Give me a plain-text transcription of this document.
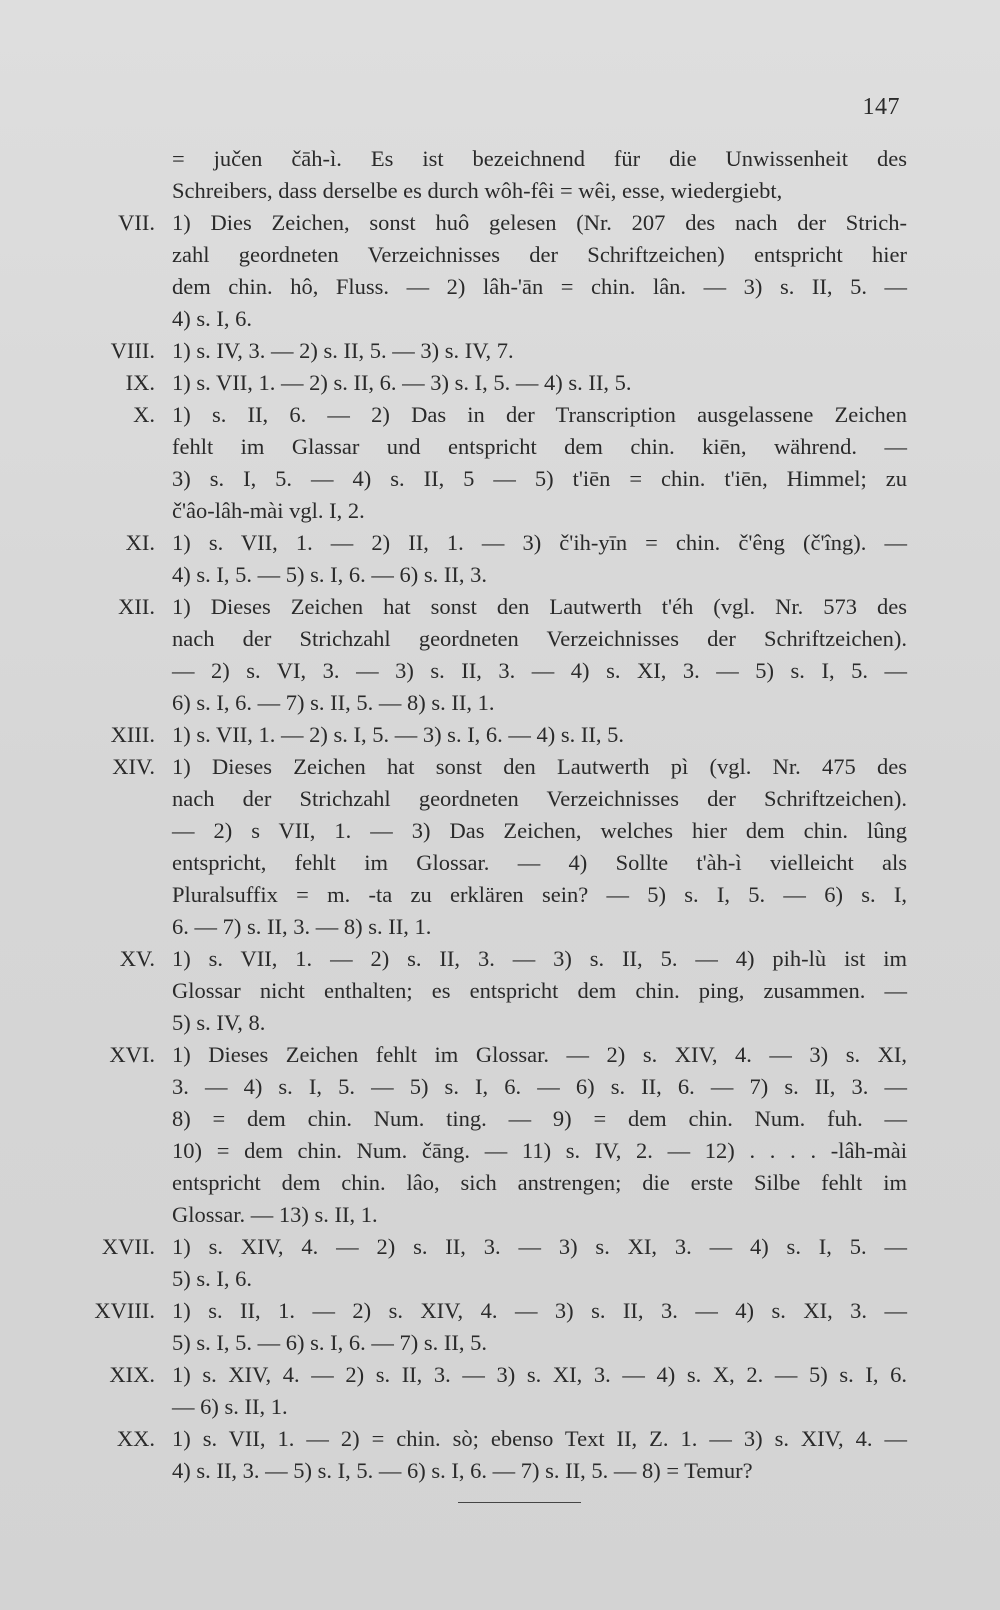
147
= jučen čāh-ì. Es ist bezeichnend für die Unwissenheit des
Schreibers, dass derselbe es durch wôh-fêi = wêi, esse, wiedergiebt,
VII. 1) Dies Zeichen, sonst huô gelesen (Nr. 207 des nach der Strich-
zahl geordneten Verzeichnisses der Schriftzeichen) entspricht hier
dem chin. hô, Fluss. — 2) lâh-'ān = chin. lân. — 3) s. II, 5. —
4) s. I, 6.
VIII. 1) s. IV, 3. — 2) s. II, 5. — 3) s. IV, 7.
IX. 1) s. VII, 1. — 2) s. II, 6. — 3) s. I, 5. — 4) s. II, 5.
X. 1) s. II, 6. — 2) Das in der Transcription ausgelassene Zeichen
fehlt im Glassar und entspricht dem chin. kiēn, während. —
3) s. I, 5. — 4) s. II, 5 — 5) t'iēn = chin. t'iēn, Himmel; zu
č'âo-lâh-mài vgl. I, 2.
XI. 1) s. VII, 1. — 2) II, 1. — 3) č'ih-yīn = chin. č'êng (č'îng). —
4) s. I, 5. — 5) s. I, 6. — 6) s. II, 3.
XII. 1) Dieses Zeichen hat sonst den Lautwerth t'éh (vgl. Nr. 573 des
nach der Strichzahl geordneten Verzeichnisses der Schriftzeichen).
— 2) s. VI, 3. — 3) s. II, 3. — 4) s. XI, 3. — 5) s. I, 5. —
6) s. I, 6. — 7) s. II, 5. — 8) s. II, 1.
XIII. 1) s. VII, 1. — 2) s. I, 5. — 3) s. I, 6. — 4) s. II, 5.
XIV. 1) Dieses Zeichen hat sonst den Lautwerth pì (vgl. Nr. 475 des
nach der Strichzahl geordneten Verzeichnisses der Schriftzeichen).
— 2) s VII, 1. — 3) Das Zeichen, welches hier dem chin. lûng
entspricht, fehlt im Glossar. — 4) Sollte t'àh-ì vielleicht als
Pluralsuffix = m. -ta zu erklären sein? — 5) s. I, 5. — 6) s. I,
6. — 7) s. II, 3. — 8) s. II, 1.
XV. 1) s. VII, 1. — 2) s. II, 3. — 3) s. II, 5. — 4) pih-lù ist im
Glossar nicht enthalten; es entspricht dem chin. ping, zusammen. —
5) s. IV, 8.
XVI. 1) Dieses Zeichen fehlt im Glossar. — 2) s. XIV, 4. — 3) s. XI,
3. — 4) s. I, 5. — 5) s. I, 6. — 6) s. II, 6. — 7) s. II, 3. —
8) = dem chin. Num. ting. — 9) = dem chin. Num. fuh. —
10) = dem chin. Num. čāng. — 11) s. IV, 2. — 12) . . . . -lâh-mài
entspricht dem chin. lâo, sich anstrengen; die erste Silbe fehlt im
Glossar. — 13) s. II, 1.
XVII. 1) s. XIV, 4. — 2) s. II, 3. — 3) s. XI, 3. — 4) s. I, 5. —
5) s. I, 6.
XVIII. 1) s. II, 1. — 2) s. XIV, 4. — 3) s. II, 3. — 4) s. XI, 3. —
5) s. I, 5. — 6) s. I, 6. — 7) s. II, 5.
XIX. 1) s. XIV, 4. — 2) s. II, 3. — 3) s. XI, 3. — 4) s. X, 2. — 5) s. I, 6.
— 6) s. II, 1.
XX. 1) s. VII, 1. — 2) = chin. sò; ebenso Text II, Z. 1. — 3) s. XIV, 4. —
4) s. II, 3. — 5) s. I, 5. — 6) s. I, 6. — 7) s. II, 5. — 8) = Temur?
